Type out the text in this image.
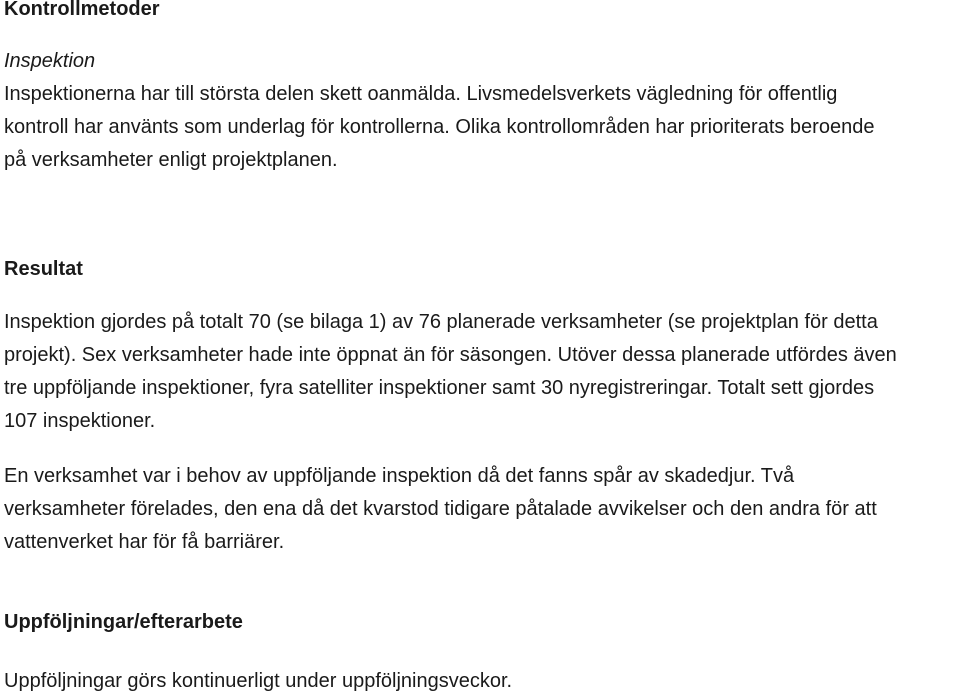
Kontrollmetoder
Inspektion

Inspektionerna har till största delen skett oanmälda. Livsmedelsverkets vägledning för offentlig
kontroll har använts som underlag för kontrollerna. Olika kontrollområden har prioriterats beroende
på verksamheter enligt projektplanen.

Resultat

Inspektion gjordes på totalt 70 (se bilaga 1) av 76 planerade verksamheter (se projektplan för detta
projekt). Sex verksamheter hade inte öppnat än för säsongen. Utöver dessa planerade utfördes även
tre uppföljande inspektioner, fyra satelliter inspektioner samt 30 nyregistreringar. Totalt sett gjordes
107 inspektioner.

En verksamhet var i behov av uppföljande inspektion då det fanns spår av skadedjur. Två
verksamheter förelades, den ena då det kvarstod tidigare påtalade avvikelser och den andra för att
vattenverket har för få barriärer.

Uppföljningar/efterarbete

Uppföljningar görs kontinuerligt under uppföljningsveckor.
